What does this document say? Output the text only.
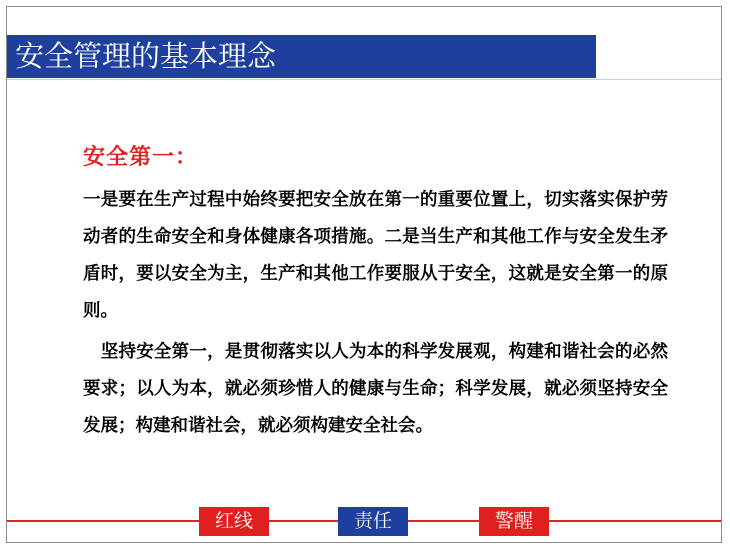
安全管理的基本理念
安全第一：
一是要在生产过程中始终要把安全放在第一的重要位置上，切实落实保护劳动者的生命安全和身体健康各项措施。二是当生产和其他工作与安全发生矛盾时，要以安全为主，生产和其他工作要服从于安全，这就是安全第一的原则。
　坚持安全第一，是贯彻落实以人为本的科学发展观，构建和谐社会的必然要求；以人为本，就必须珍惜人的健康与生命；科学发展，就必须坚持安全发展；构建和谐社会，就必须构建安全社会。
红线	责任	警醒
